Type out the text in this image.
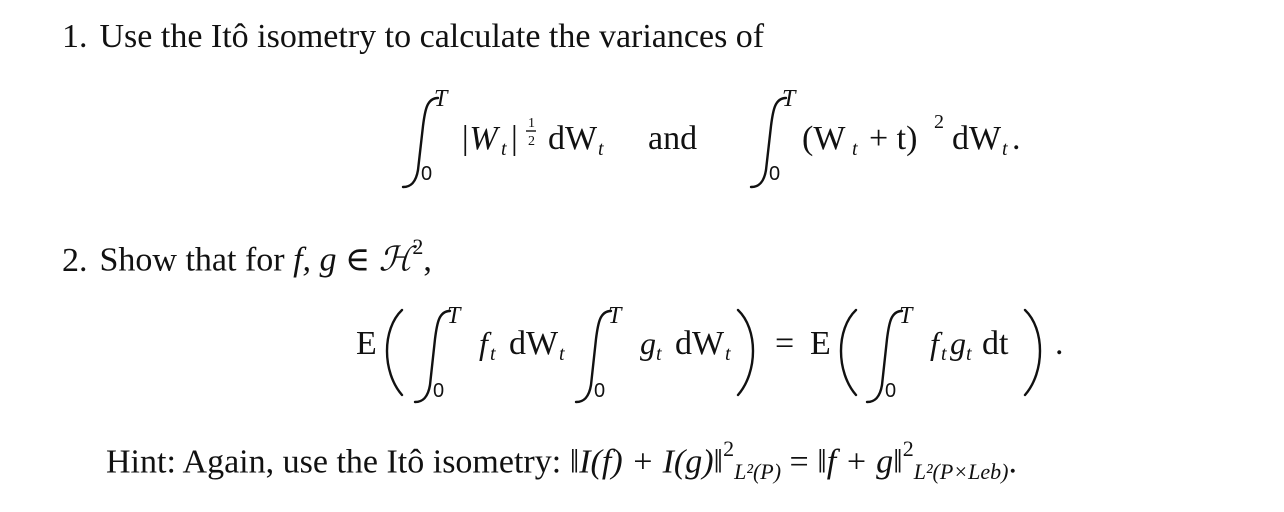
1. Use the Itô isometry to calculate the variances of
T
0
|W t | 1
2 dW t and
T
0
(W t + t) 2 dW t .
2. Show that for f, g ∈ ℋ$^2$,
E
T
0
f t dW t
T
0
g t dW t = E
T
0
f t g t dt .
Hint: Again, use the Itô isometry: ‖I(f) + I(g)‖$^2_{L^2(P)}$ = ‖f + g‖$^2_{L^2(P\times Leb)}$.
